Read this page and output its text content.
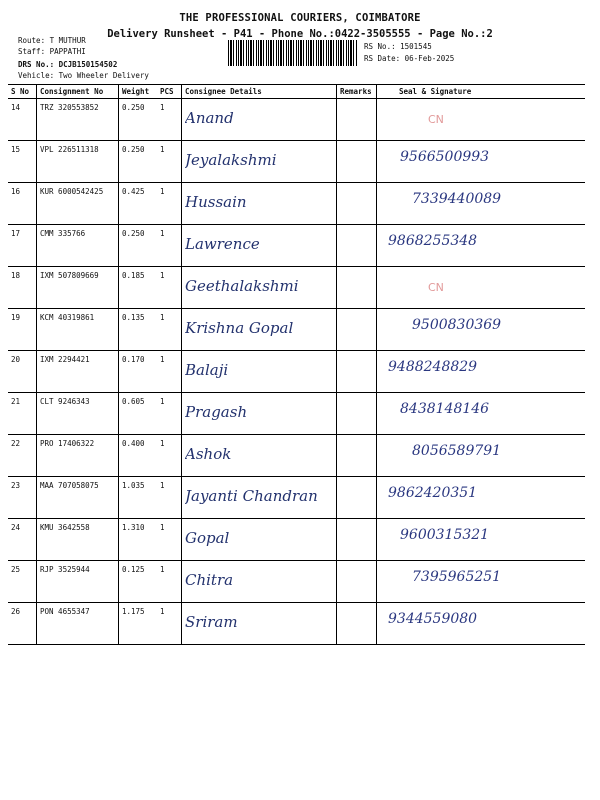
THE PROFESSIONAL COURIERS, COIMBATORE
Delivery Runsheet - P41 - Phone No.:0422-3505555 - Page No.:2
Route: T MUTHUR
Staff: PAPPATHI
DRS No.: DCJB150154502
Vehicle: Two Wheeler Delivery
RS No.: 1501545
RS Date: 06-Feb-2025
S No	Consignment No	Weight	PCS	Consignee Details	Remarks	Seal & Signature
14	TRZ 320553852	0.250	1	Anand		CN

15	VPL 226511318	0.250	1	Jeyalakshmi		9566500993

16	KUR 6000542425	0.425	1	Hussain		7339440089

17	CMM 335766	0.250	1	Lawrence		9868255348

18	IXM 507809669	0.185	1	Geethalakshmi		CN

19	KCM 40319861	0.135	1	Krishna Gopal		9500830369

20	IXM 2294421	0.170	1	Balaji		9488248829

21	CLT 9246343	0.605	1	Pragash		8438148146

22	PRO 17406322	0.400	1	Ashok		8056589791

23	MAA 707058075	1.035	1	Jayanti Chandran		9862420351

24	KMU 3642558	1.310	1	Gopal		9600315321

25	RJP 3525944	0.125	1	Chitra		7395965251

26	PON 4655347	1.175	1	Sriram		9344559080
